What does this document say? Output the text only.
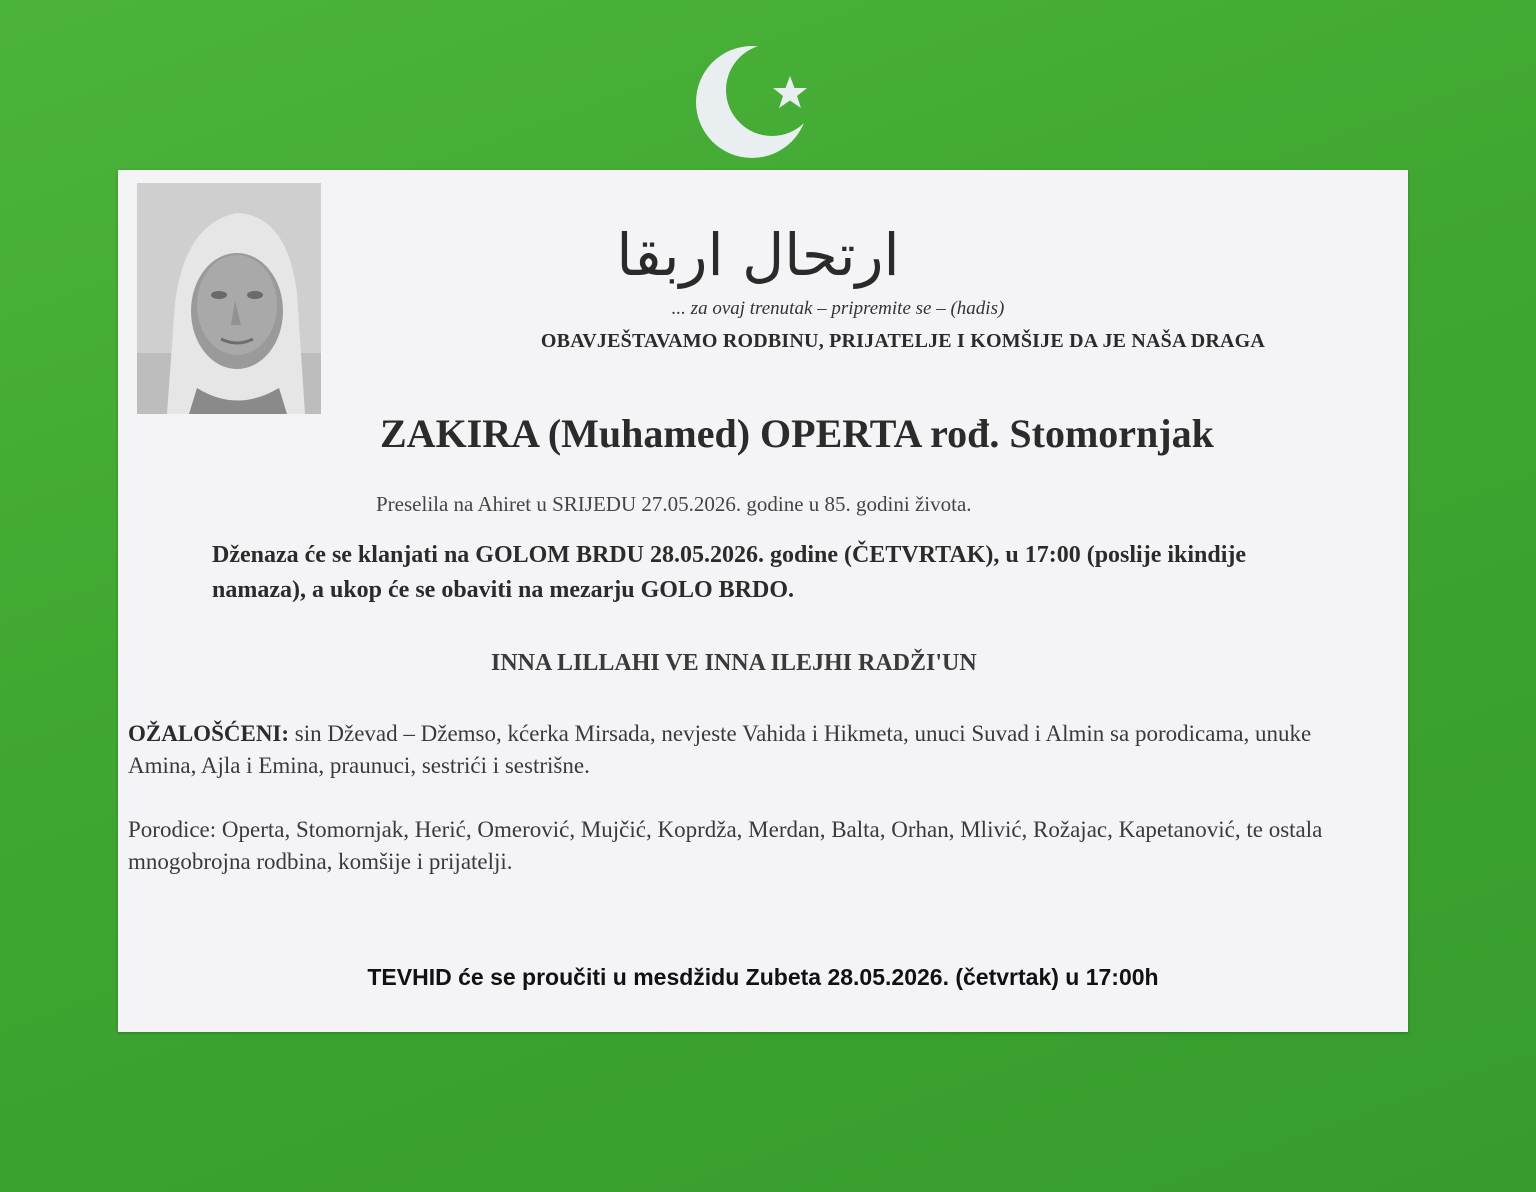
ارتحال اربقا
... za ovaj trenutak – pripremite se – (hadis)
OBAVJEŠTAVAMO RODBINU, PRIJATELJE I KOMŠIJE DA JE NAŠA DRAGA
ZAKIRA (Muhamed) OPERTA rođ. Stomornjak
Preselila na Ahiret u SRIJEDU 27.05.2026. godine u 85. godini života.
Dženaza će se klanjati na GOLOM BRDU 28.05.2026. godine (ČETVRTAK), u 17:00 (poslije ikindije namaza), a ukop će se obaviti na mezarju GOLO BRDO.
INNA LILLAHI VE INNA ILEJHI RADŽI'UN
OŽALOŠĆENI: sin Dževad – Džemso, kćerka Mirsada, nevjeste Vahida i Hikmeta, unuci Suvad i Almin sa porodicama, unuke Amina, Ajla i Emina, praunuci, sestrići i sestrišne.
Porodice: Operta, Stomornjak, Herić, Omerović, Mujčić, Koprdža, Merdan, Balta, Orhan, Mlivić, Rožajac, Kapetanović, te ostala mnogobrojna rodbina, komšije i prijatelji.
TEVHID će se proučiti u mesdžidu Zubeta 28.05.2026. (četvrtak) u 17:00h
